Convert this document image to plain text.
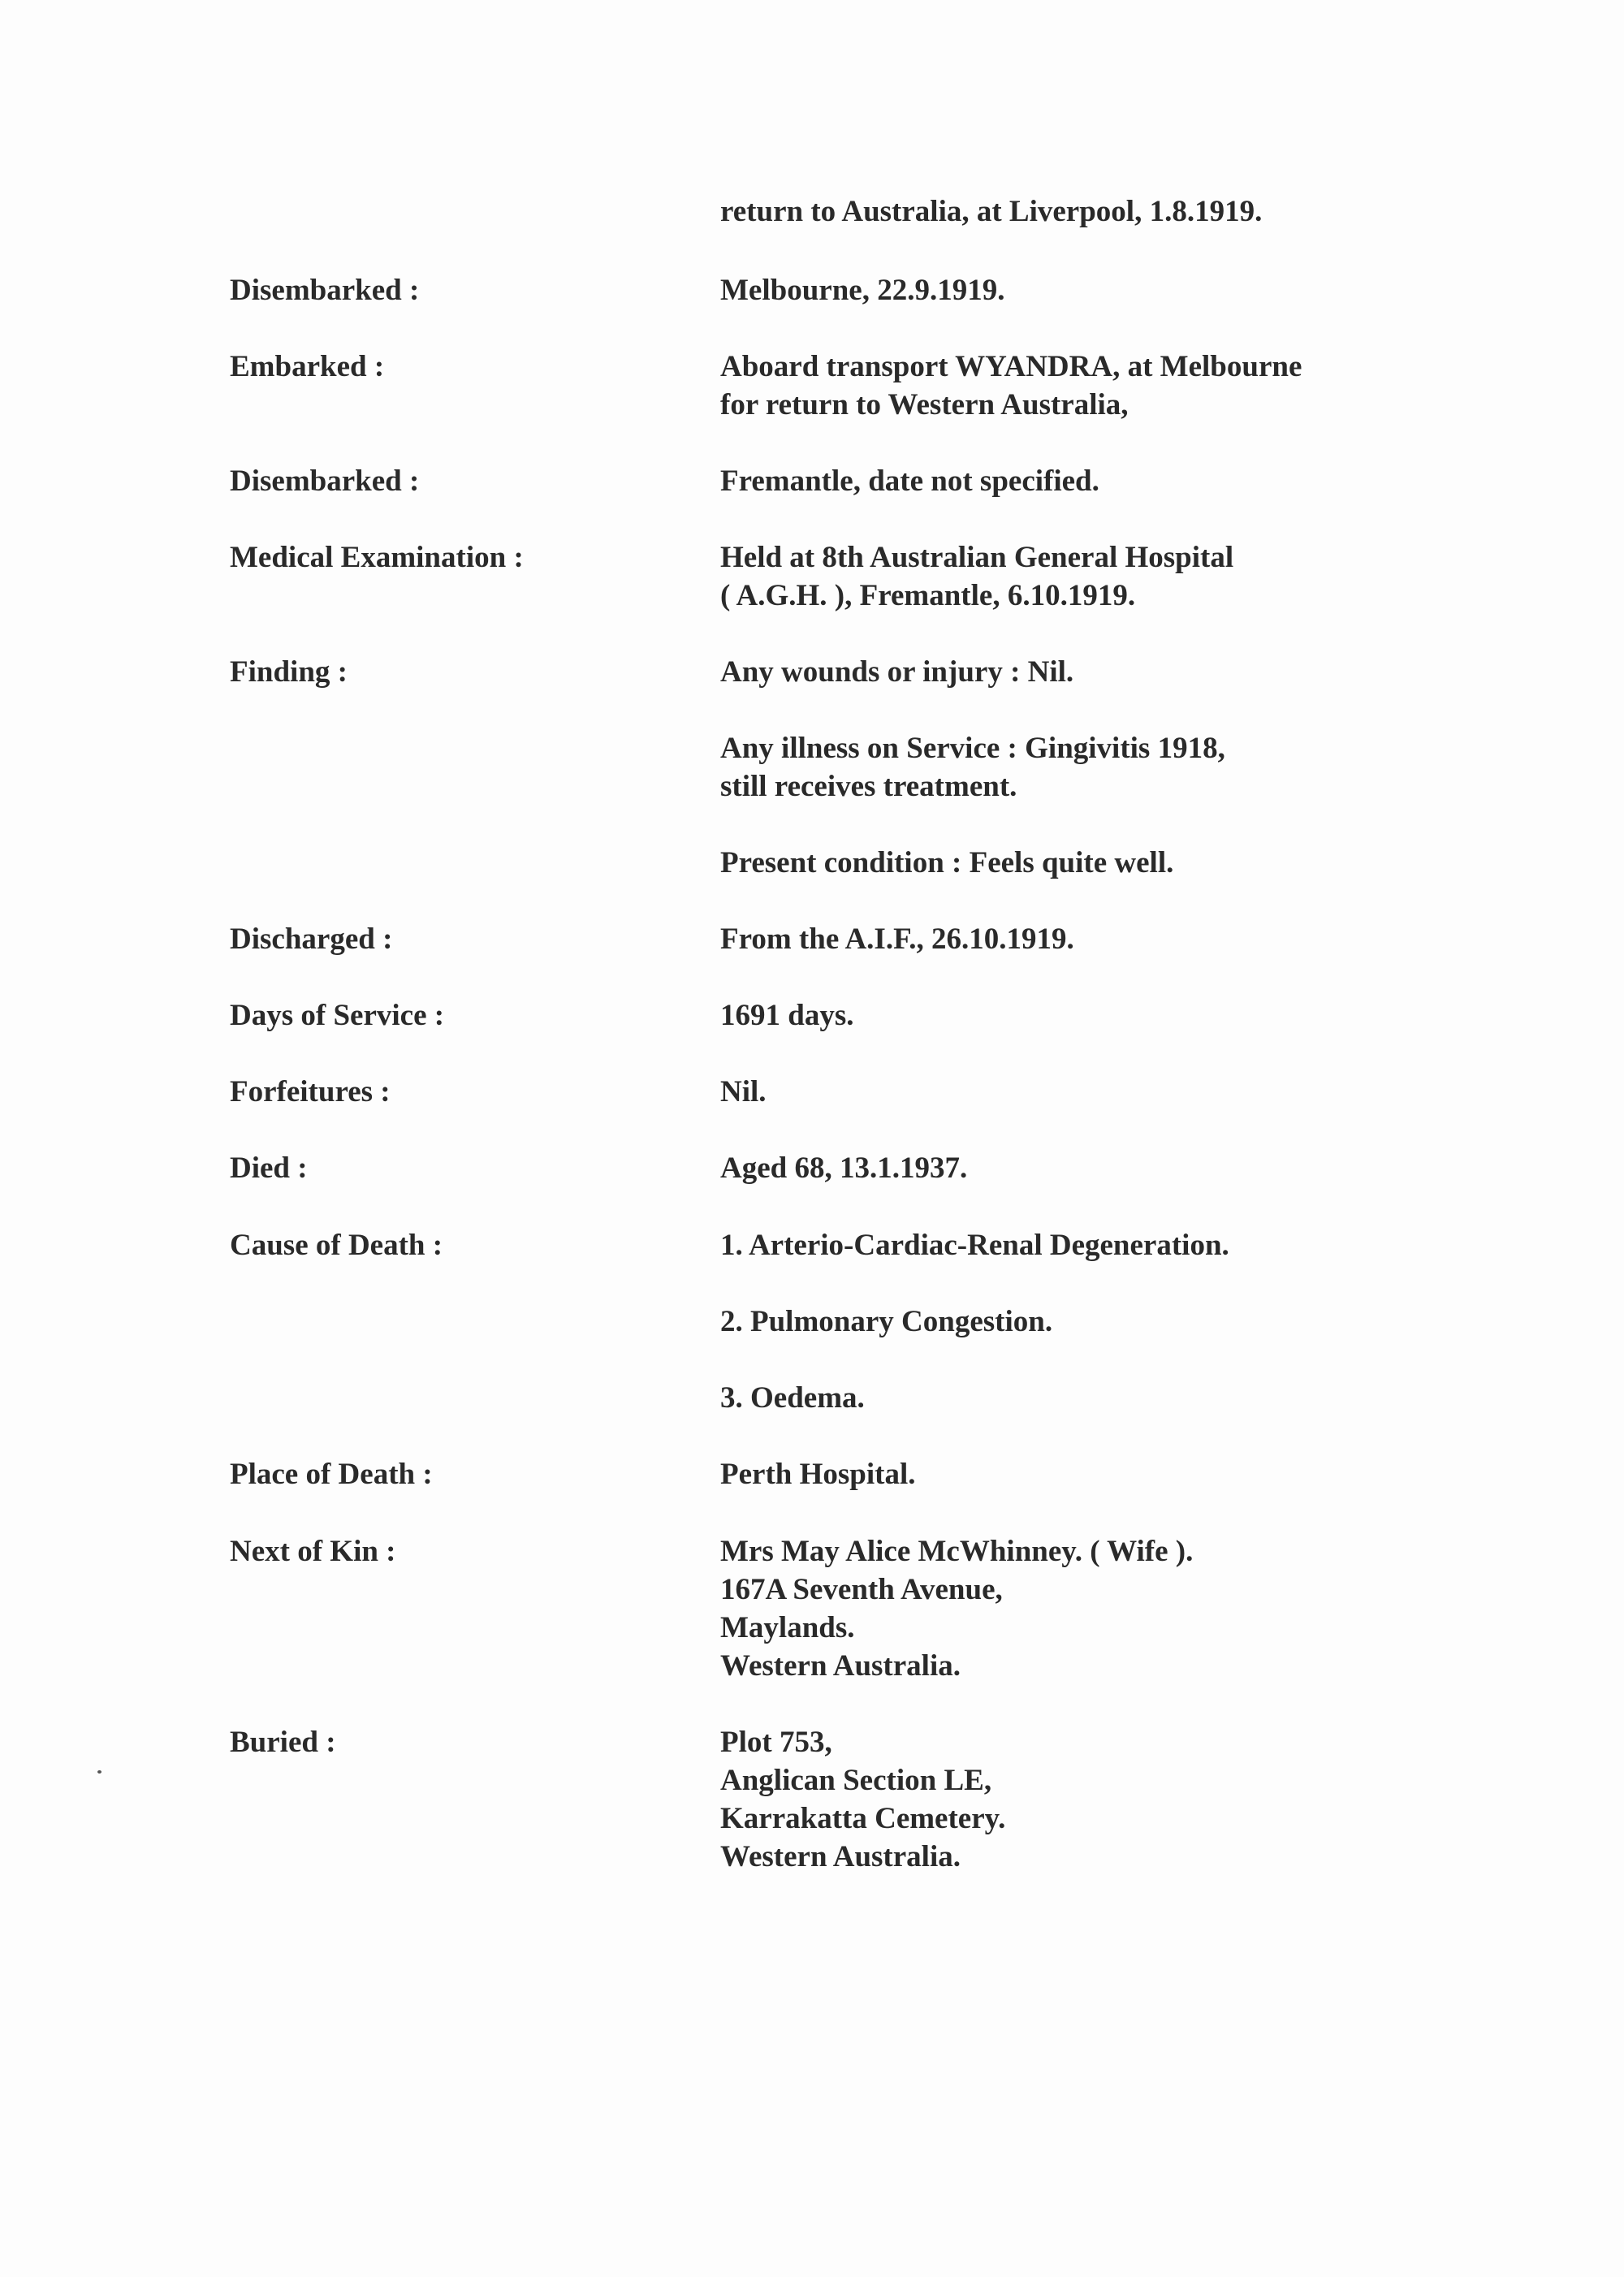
return to Australia, at Liverpool, 1.8.1919.
Disembarked :	Melbourne, 22.9.1919.
Embarked :	Aboard transport WYANDRA, at Melbourne
for return to Western Australia,
Disembarked :	Fremantle, date not specified.
Medical Examination :	Held at 8th Australian General Hospital
( A.G.H. ), Fremantle, 6.10.1919.
Finding :	Any wounds or injury : Nil.
Any illness on Service : Gingivitis 1918,
still receives treatment.
Present condition : Feels quite well.
Discharged :	From the A.I.F., 26.10.1919.
Days of Service :	1691 days.
Forfeitures :	Nil.
Died :	Aged 68, 13.1.1937.
Cause of Death :	1. Arterio-Cardiac-Renal Degeneration.
2. Pulmonary Congestion.
3. Oedema.
Place of Death :	Perth Hospital.
Next of Kin :	Mrs May Alice McWhinney. ( Wife ).
167A Seventh Avenue,
Maylands.
Western Australia.
Buried :	Plot 753,
Anglican Section LE,
Karrakatta Cemetery.
Western Australia.
